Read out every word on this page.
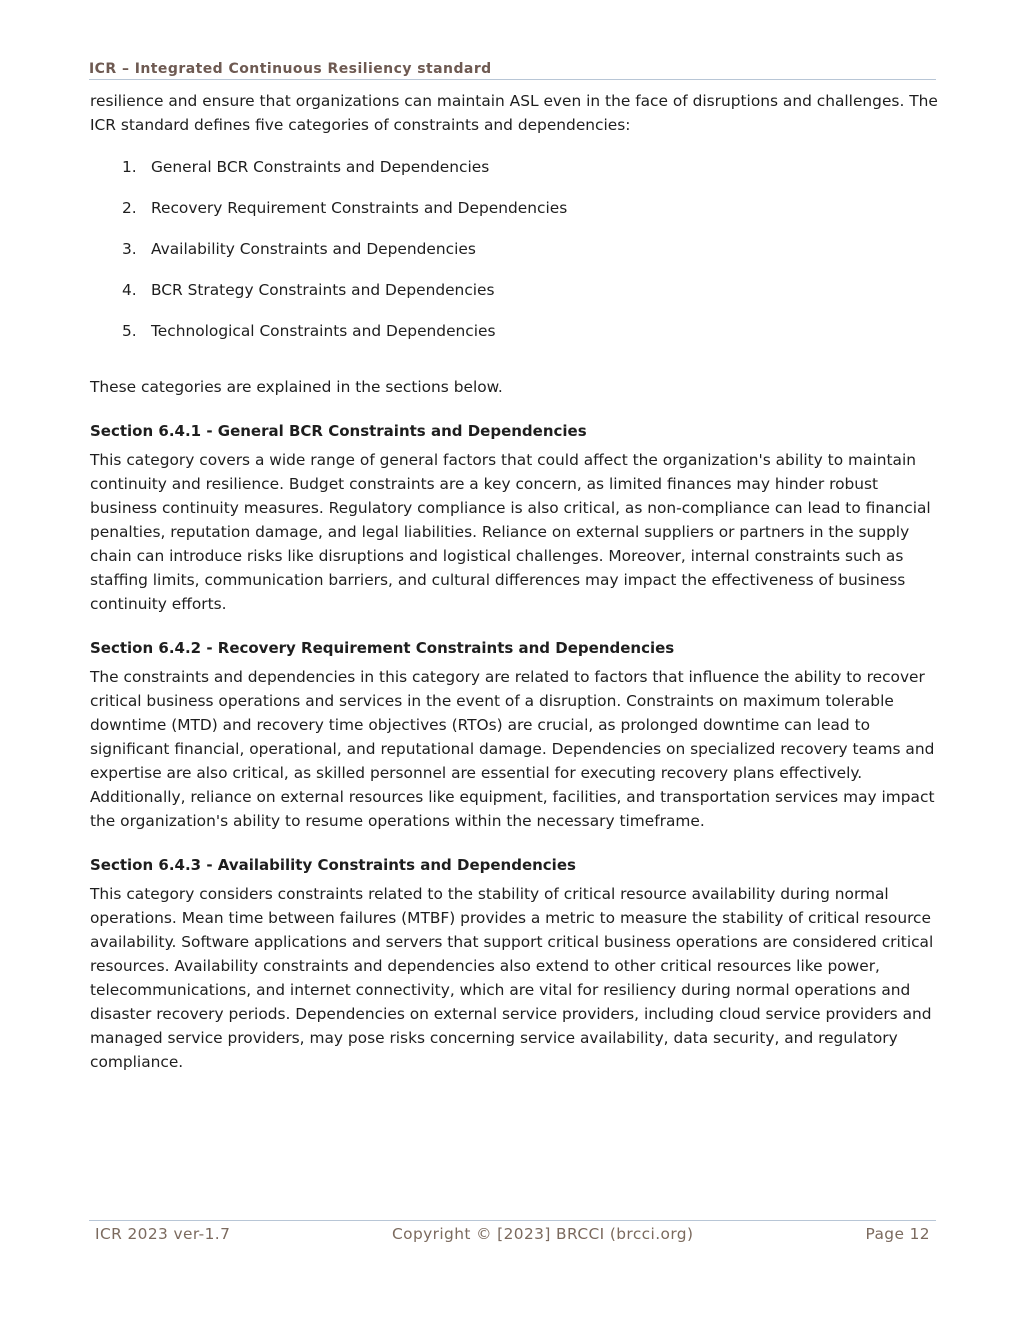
ICR – Integrated Continuous Resiliency standard

resilience and ensure that organizations can maintain ASL even in the face of disruptions and challenges. The ICR standard defines five categories of constraints and dependencies:

1. General BCR Constraints and Dependencies
2. Recovery Requirement Constraints and Dependencies
3. Availability Constraints and Dependencies
4. BCR Strategy Constraints and Dependencies
5. Technological Constraints and Dependencies

These categories are explained in the sections below.

Section 6.4.1 - General BCR Constraints and Dependencies

This category covers a wide range of general factors that could affect the organization's ability to maintain continuity and resilience. Budget constraints are a key concern, as limited finances may hinder robust business continuity measures. Regulatory compliance is also critical, as non-compliance can lead to financial penalties, reputation damage, and legal liabilities. Reliance on external suppliers or partners in the supply chain can introduce risks like disruptions and logistical challenges. Moreover, internal constraints such as staffing limits, communication barriers, and cultural differences may impact the effectiveness of business continuity efforts.

Section 6.4.2 - Recovery Requirement Constraints and Dependencies

The constraints and dependencies in this category are related to factors that influence the ability to recover critical business operations and services in the event of a disruption. Constraints on maximum tolerable downtime (MTD) and recovery time objectives (RTOs) are crucial, as prolonged downtime can lead to significant financial, operational, and reputational damage. Dependencies on specialized recovery teams and expertise are also critical, as skilled personnel are essential for executing recovery plans effectively. Additionally, reliance on external resources like equipment, facilities, and transportation services may impact the organization's ability to resume operations within the necessary timeframe.

Section 6.4.3 - Availability Constraints and Dependencies

This category considers constraints related to the stability of critical resource availability during normal operations. Mean time between failures (MTBF) provides a metric to measure the stability of critical resource availability. Software applications and servers that support critical business operations are considered critical resources. Availability constraints and dependencies also extend to other critical resources like power, telecommunications, and internet connectivity, which are vital for resiliency during normal operations and disaster recovery periods. Dependencies on external service providers, including cloud service providers and managed service providers, may pose risks concerning service availability, data security, and regulatory compliance.

ICR 2023 ver-1.7	Copyright © [2023] BRCCI (brcci.org)	Page 12
